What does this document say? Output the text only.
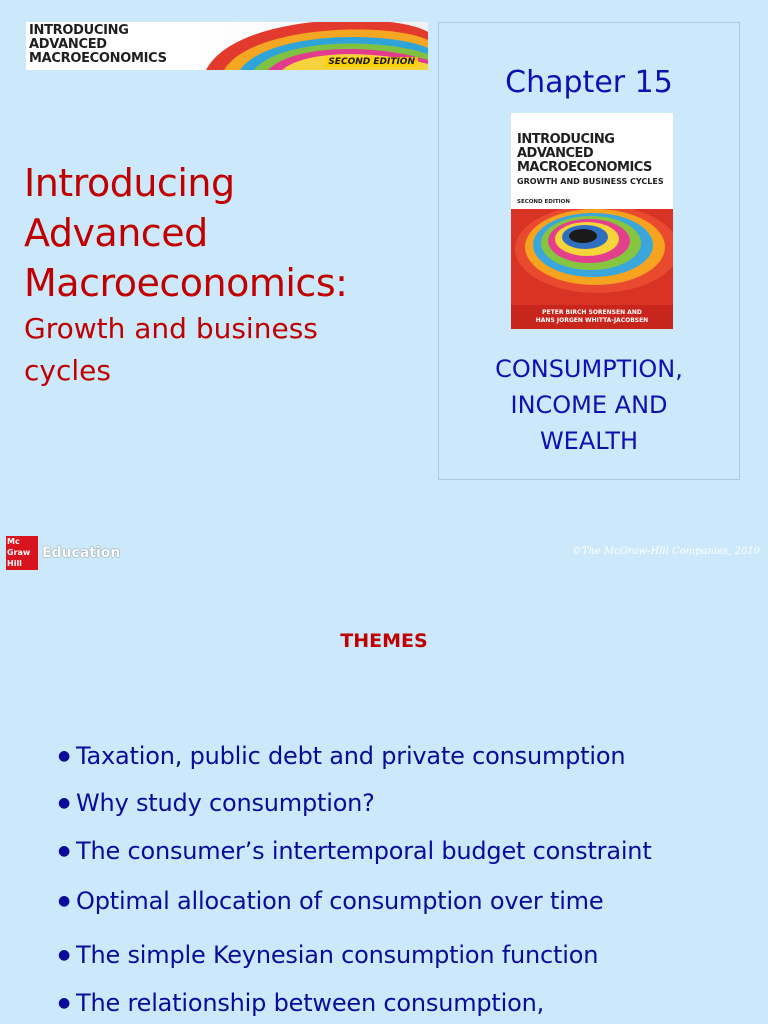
INTRODUCING
ADVANCED
MACROECONOMICS	SECOND EDITION
Introducing
Advanced
Macroeconomics:
Growth and business
cycles
Chapter 15
INTRODUCING
ADVANCED
MACROECONOMICS
GROWTH AND BUSINESS CYCLES
SECOND EDITION
PETER BIRCH SORENSEN AND
HANS JORGEN WHITTA-JACOBSEN
CONSUMPTION,
INCOME AND
WEALTH
Mc
Graw
Hill
Education	©The McGraw-Hill Companies, 2010
THEMES
● Taxation, public debt and private consumption
● Why study consumption?
● The consumer’s intertemporal budget constraint
● Optimal allocation of consumption over time
● The simple Keynesian consumption function
● The relationship between consumption,
